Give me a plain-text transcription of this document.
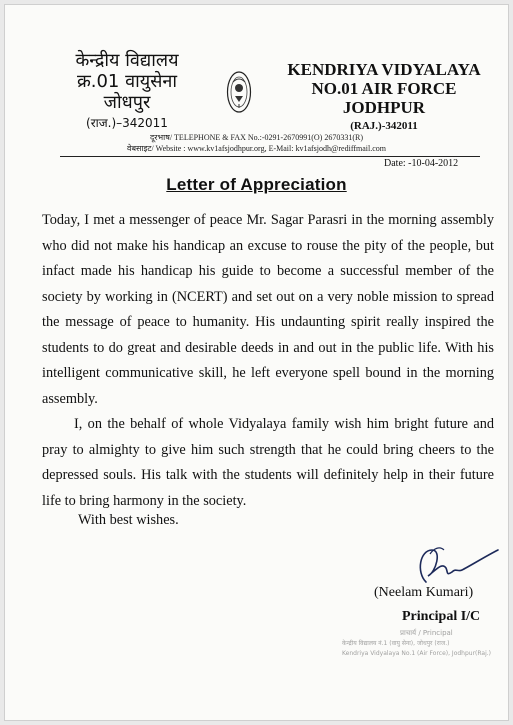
केन्द्रीय विद्यालय
क्र.01 वायुसेना
जोधपुर
(राज.)–342011
KENDRIYA VIDYALAYA
NO.01 AIR FORCE
JODHPUR
(RAJ.)-342011
दूरभाष/ TELEPHONE & FAX No.:-0291-2670991(O) 2670331(R)
वेबसाइट/ Website : www.kv1afsjodhpur.org, E-Mail: kv1afsjodh@rediffmail.com
Date: -10-04-2012
Letter of Appreciation

Today, I met a messenger of peace Mr. Sagar Parasri in the morning assembly who did not make his handicap an excuse to rouse the pity of the people, but infact made his handicap his guide to become a successful member of the society by working in (NCERT) and set out on a very noble mission to spread the message of peace to humanity. His undaunting spirit really inspired the students to do great and desirable deeds in and out in the public life. With his intelligent communicative skill, he left everyone spell bound in the morning assembly.

I, on the behalf of whole Vidyalaya family wish him bright future and pray to almighty to give him such strength that he could bring cheers to the depressed souls. His talk with the students will definitely help in their future life to bring harmony in the society.

With best wishes.
(Neelam Kumari)
Principal I/C
प्राचार्य / Principal
केन्द्रीय विद्यालय नं.1 (वायु सेना), जोधपुर (राज.)
Kendriya Vidyalaya No.1 (Air Force), Jodhpur(Raj.)
